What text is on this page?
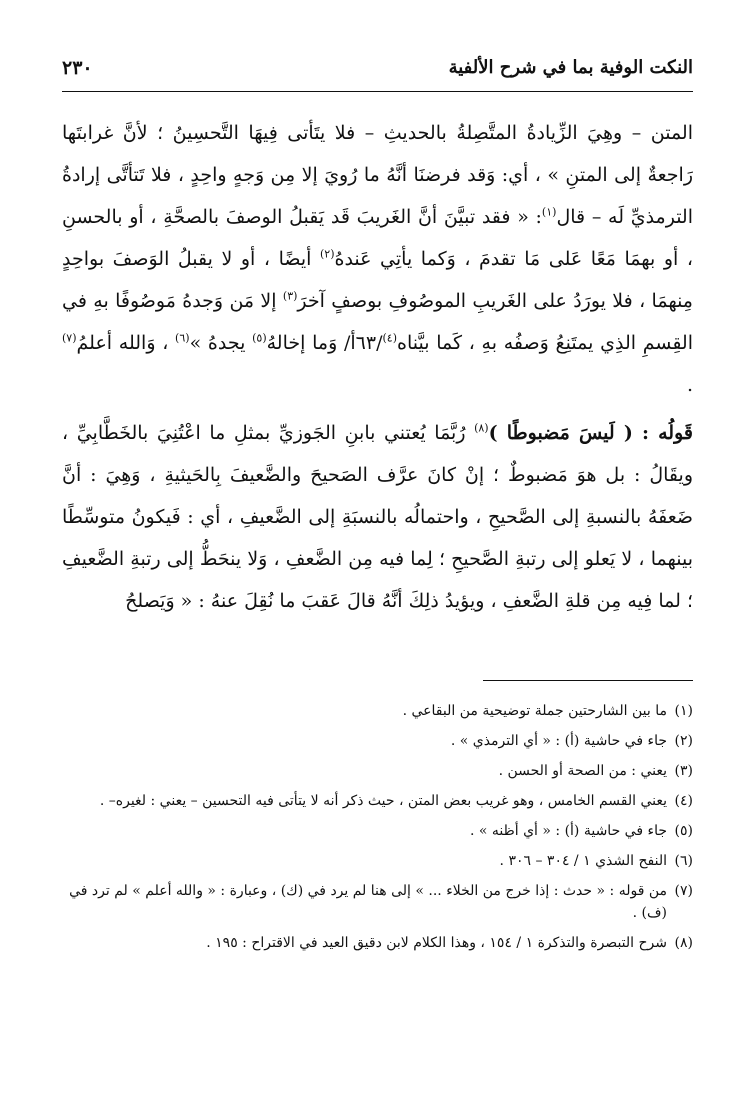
النكت الوفية بما في شرح الألفية
٢٣٠

المتن – وهِيَ الزِّيادةُ المتَّصِلةُ بالحديثِ – فلا يتَأتى فِيهَا التَّحسِينُ ؛ لأنَّ غرابتَها رَاجعةٌ إلى المتنِ » ، أي: وَقد فرضنَا أنَّهُ ما رُويَ إلا مِن وَجهٍ واحِدٍ ، فلا تَتأتَّى إرادةُ الترمذيِّ لَه – قال$^{(١)}$: « فقد تبيَّنَ أنَّ الغَريبَ قَد يَقبلُ الوصفَ بالصحَّةِ ، أو بالحسنِ ، أو بهمَا مَعًا عَلى مَا تقدمَ ، وَكما يأتِي عَندهُ$^{(٢)}$ أيضًا ، أو لا يقبلُ الوَصفَ بواحِدٍ مِنهمَا ، فلا يورَدُ على الغَريبِ الموصُوفِ بوصفٍ آخرَ$^{(٣)}$ إلا مَن وَجدهُ مَوصُوفًا بهِ في القِسمِ الذِي يمتَنِعُ وَصفُه بهِ ، كَما بيَّناه$^{(٤)}$/٦٣أ/ وَما إخالهُ$^{(٥)}$ يجدهُ »$^{(٦)}$ ، وَالله أعلمُ$^{(٧)}$ .

قَولُه : ( لَيسَ مَضبوطًا )$^{(٨)}$ رُبَّمَا يُعتني بابنِ الجَوزيِّ بمثلِ ما اعْتُنِيَ بالخَطَّابِيِّ ، ويقَالُ : بل هوَ مَضبوطٌ ؛ إنْ كانَ عرَّف الصَحيحَ والضَّعيفَ بِالحَيثيةِ ، وَهِيَ : أنَّ ضَعفَهُ بالنسبةِ إلى الصَّحيحِ ، واحتمالُه بالنسبَةِ إلى الضَّعيفِ ، أي : فَيكونُ متوسِّطًا بينهما ، لا يَعلو إلى رتبةِ الصَّحيحِ ؛ لِما فيه مِن الضَّعفِ ، وَلا ينحَطُّ إلى رتبةِ الضَّعيفِ ؛ لما فِيه مِن قلةِ الضَّعفِ ، ويؤيدُ ذلِكَ أنَّهُ قالَ عَقبَ ما نُقِلَ عنهُ : « وَيَصلحُ

(١)ما بين الشارحتين جملة توضيحية من البقاعي .

(٢)جاء في حاشية (أ) : « أي الترمذي » .

(٣)يعني : من الصحة أو الحسن .

(٤)يعني القسم الخامس ، وهو غريب بعض المتن ، حيث ذكر أنه لا يتأتى فيه التحسين – يعني : لغيره– .

(٥)جاء في حاشية (أ) : « أي أظنه » .

(٦)النفح الشذي ١ / ٣٠٤ – ٣٠٦ .

(٧)من قوله : « حدث : إذا خرج من الخلاء ... » إلى هنا لم يرد في (ك) ، وعبارة : « والله أعلم » لم ترد في (ف) .

(٨)شرح التبصرة والتذكرة ١ / ١٥٤ ، وهذا الكلام لابن دقيق العيد في الاقتراح : ١٩٥ .
